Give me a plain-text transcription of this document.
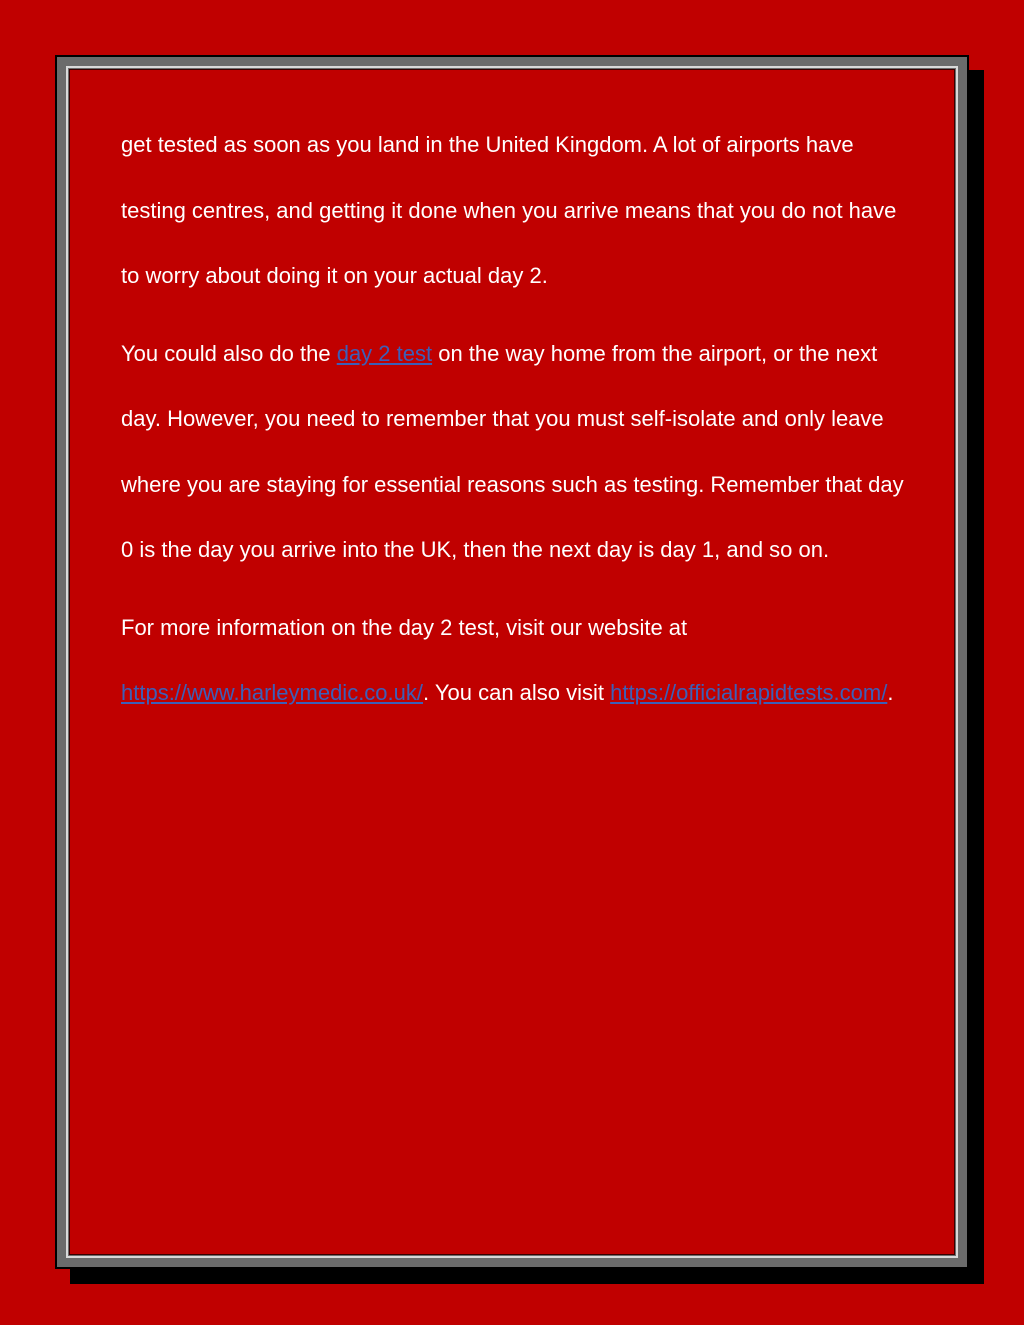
get tested as soon as you land in the United Kingdom. A lot of airports have testing centres, and getting it done when you arrive means that you do not have to worry about doing it on your actual day 2.

You could also do the day 2 test on the way home from the airport, or the next day. However, you need to remember that you must self-isolate and only leave where you are staying for essential reasons such as testing. Remember that day 0 is the day you arrive into the UK, then the next day is day 1, and so on.

For more information on the day 2 test, visit our website at https://www.harleymedic.co.uk/. You can also visit https://officialrapidtests.com/.
